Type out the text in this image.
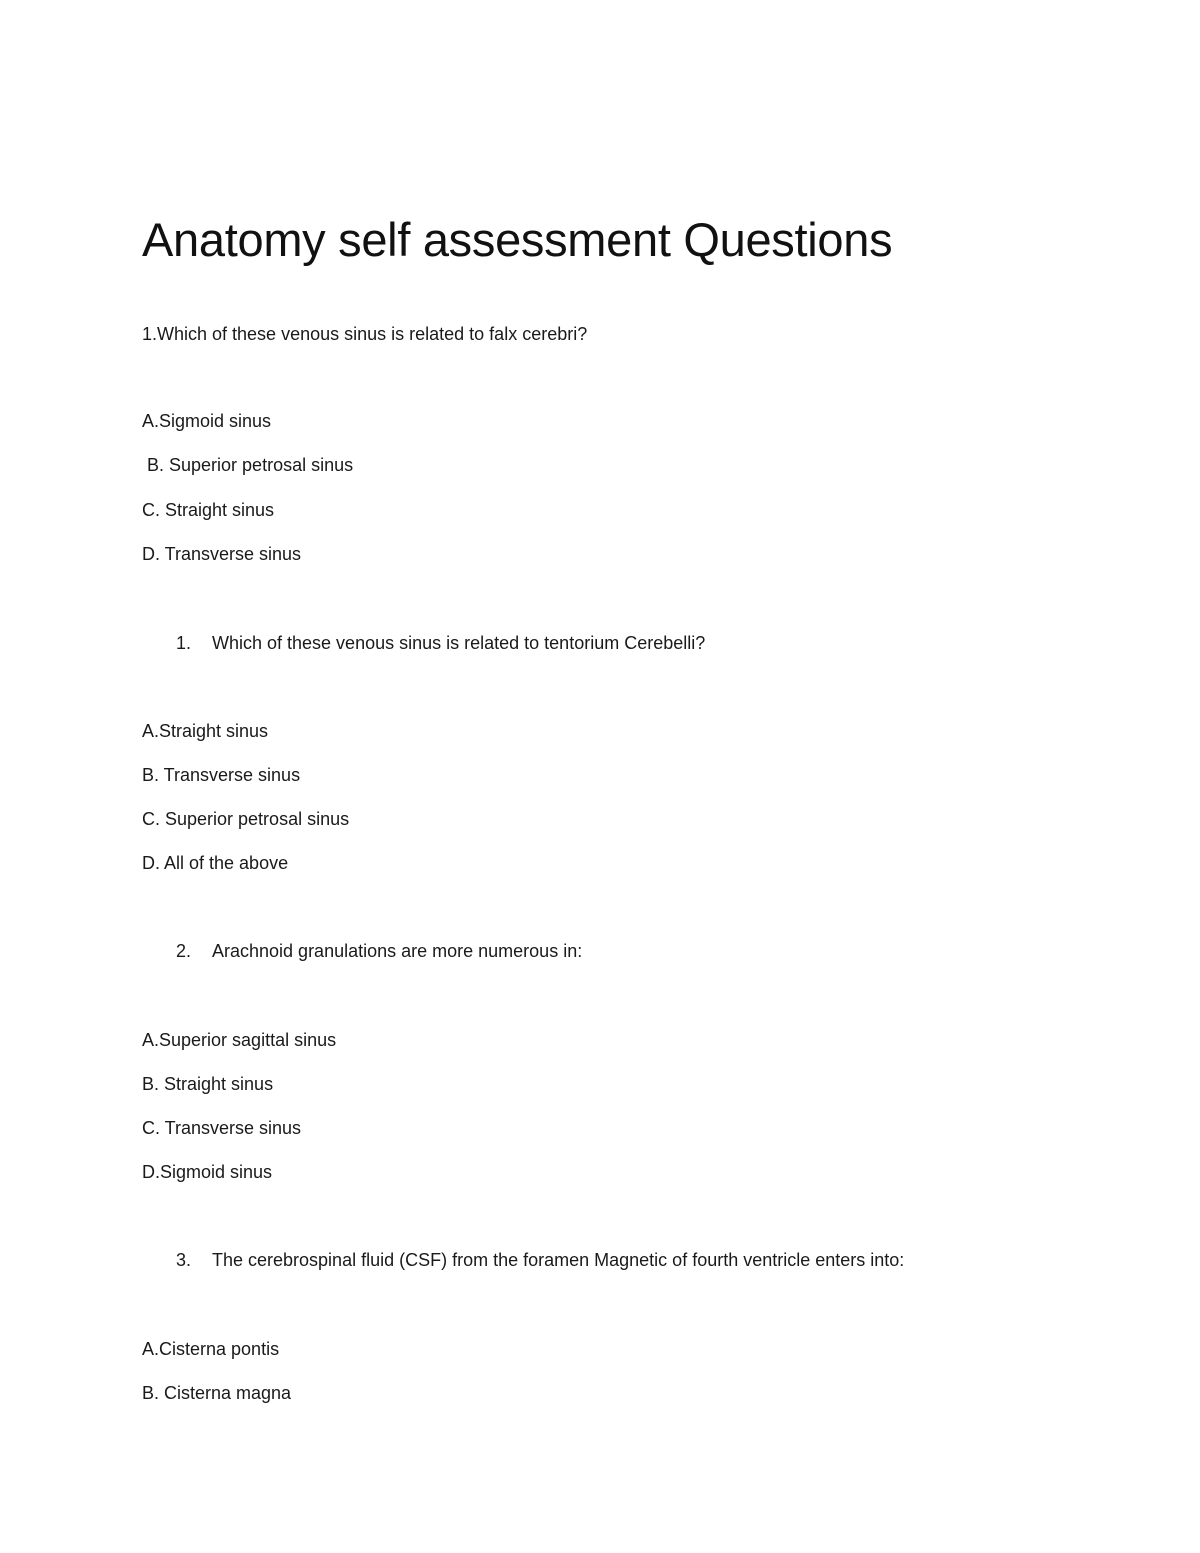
Anatomy self assessment Questions
1.Which of these venous sinus is related to falx cerebri?
A.Sigmoid sinus
B. Superior petrosal sinus
C. Straight sinus
D. Transverse sinus
1. Which of these venous sinus is related to tentorium Cerebelli?
A.Straight sinus
B. Transverse sinus
C. Superior petrosal sinus
D. All of the above
2. Arachnoid granulations are more numerous in:
A.Superior sagittal sinus
B. Straight sinus
C. Transverse sinus
D.Sigmoid sinus
3. The cerebrospinal fluid (CSF) from the foramen Magnetic of fourth ventricle enters into:
A.Cisterna pontis
B. Cisterna magna
